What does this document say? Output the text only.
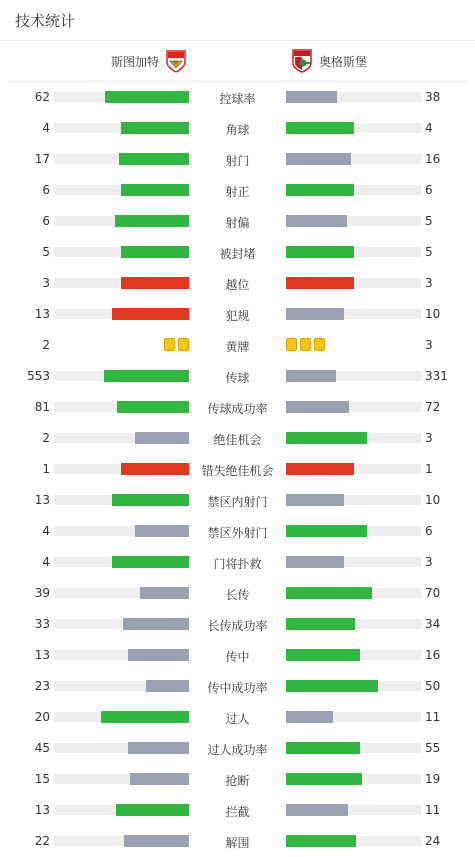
技术统计
斯图加特	奥格斯堡
62	控球率	38
4	角球	4
17	射门	16
6	射正	6
6	射偏	5
5	被封堵	5
3	越位	3
13	犯规	10
2	黄牌	3
553	传球	331
81	传球成功率	72
2	绝佳机会	3
1	错失绝佳机会	1
13	禁区内射门	10
4	禁区外射门	6
4	门将扑救	3
39	长传	70
33	长传成功率	34
13	传中	16
23	传中成功率	50
20	过人	11
45	过人成功率	55
15	抢断	19
13	拦截	11
22	解围	24
